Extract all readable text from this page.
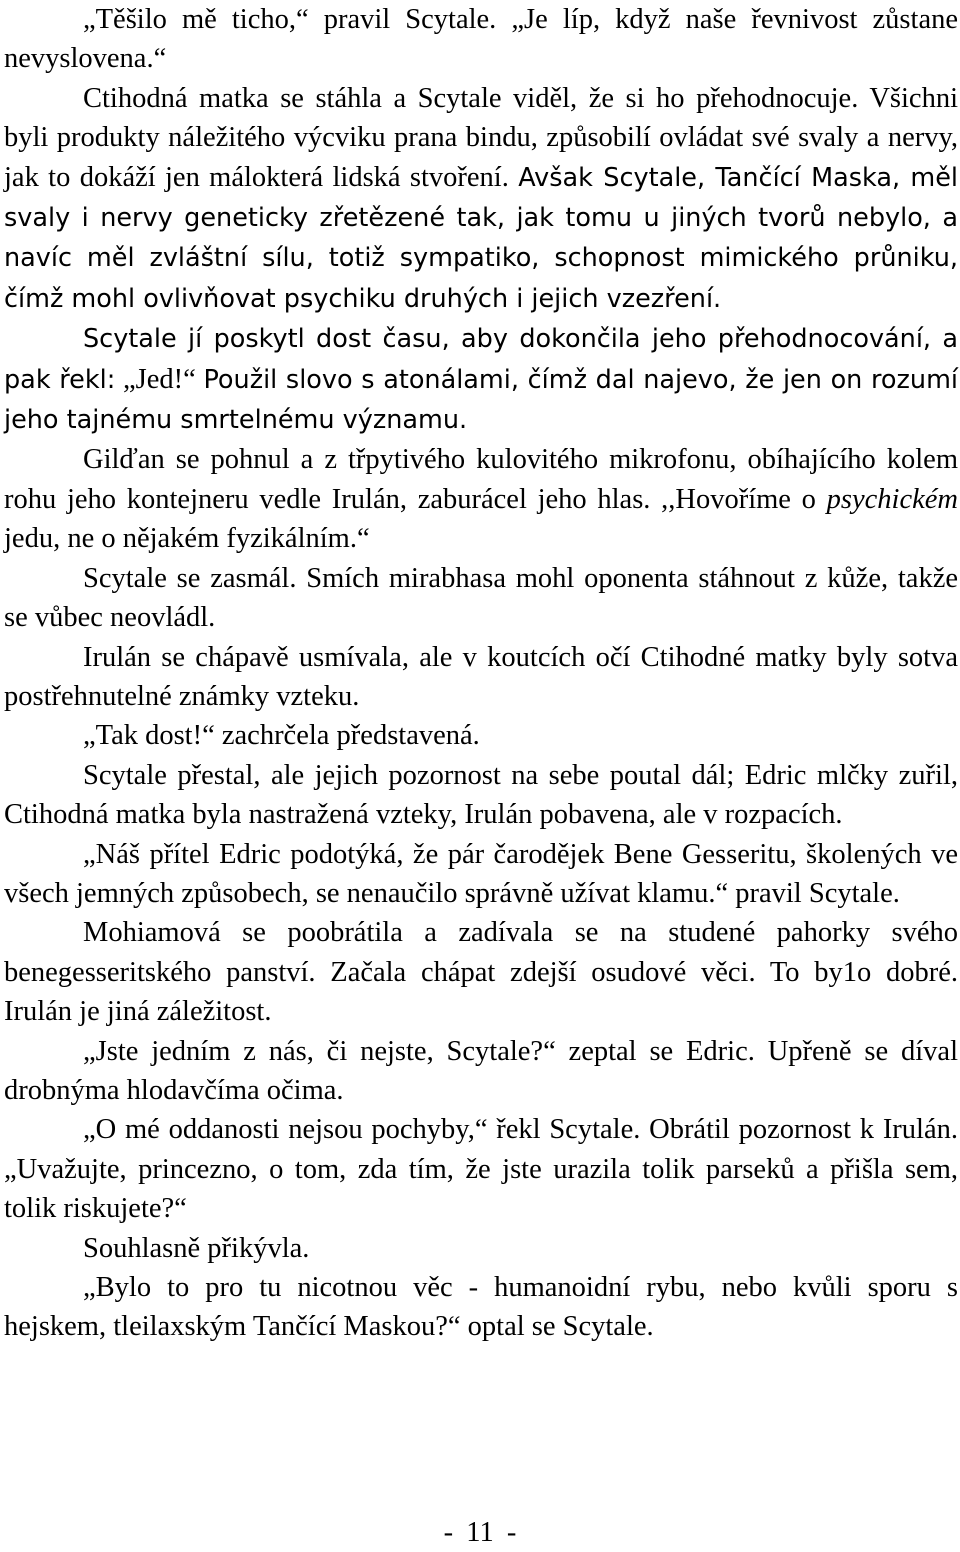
„Těšilo mě ticho,“ pravil Scytale. „Je líp, když naše řevnivost zůstane nevyslovena.“

Ctihodná matka se stáhla a Scytale viděl, že si ho přehodnocuje. Všichni byli produkty náležitého výcviku prana bindu, způsobilí ovládat své svaly a nervy, jak to dokáží jen málokterá lidská stvoření. Avšak Scytale, Tančící Maska, měl svaly i nervy geneticky zřetězené tak, jak tomu u jiných tvorů nebylo, a navíc měl zvláštní sílu, totiž sympatiko, schopnost mimického průniku, čímž mohl ovlivňovat psychiku druhých i jejich vzezření.

Scytale jí poskytl dost času, aby dokončila jeho přehodnocování, a pak řekl: „Jed!“ Použil slovo s atonálami, čímž dal najevo, že jen on rozumí jeho tajnému smrtelnému významu.

Gilďan se pohnul a z třpytivého kulovitého mikrofonu, obíhajícího kolem rohu jeho kontejneru vedle Irulán, zaburácel jeho hlas. ,,Hovoříme o psychickém jedu, ne o nějakém fyzikálním.“

Scytale se zasmál. Smích mirabhasa mohl oponenta stáhnout z kůže, takže se vůbec neovládl.

Irulán se chápavě usmívala, ale v koutcích očí Ctihodné matky byly sotva postřehnutelné známky vzteku.

„Tak dost!“ zachrčela představená.

Scytale přestal, ale jejich pozornost na sebe poutal dál; Edric mlčky zuřil, Ctihodná matka byla nastražená vzteky, Irulán pobavena, ale v rozpacích.

„Náš přítel Edric podotýká, že pár čarodějek Bene Gesseritu, školených ve všech jemných způsobech, se nenaučilo správně užívat klamu.“ pravil Scytale.

Mohiamová se poobrátila a zadívala se na studené pahorky svého benegesseritského panství. Začala chápat zdejší osudové věci. To by1o dobré. Irulán je jiná záležitost.

„Jste jedním z nás, či nejste, Scytale?“ zeptal se Edric. Upřeně se díval drobnýma hlodavčíma očima.

„O mé oddanosti nejsou pochyby,“ řekl Scytale. Obrátil pozornost k Irulán. „Uvažujte, princezno, o tom, zda tím, že jste urazila tolik parseků a přišla sem, tolik riskujete?“

Souhlasně přikývla.

„Bylo to pro tu nicotnou věc - humanoidní rybu, nebo kvůli sporu s hejskem, tleilaxským Tančící Maskou?“ optal se Scytale.

- 11 -
